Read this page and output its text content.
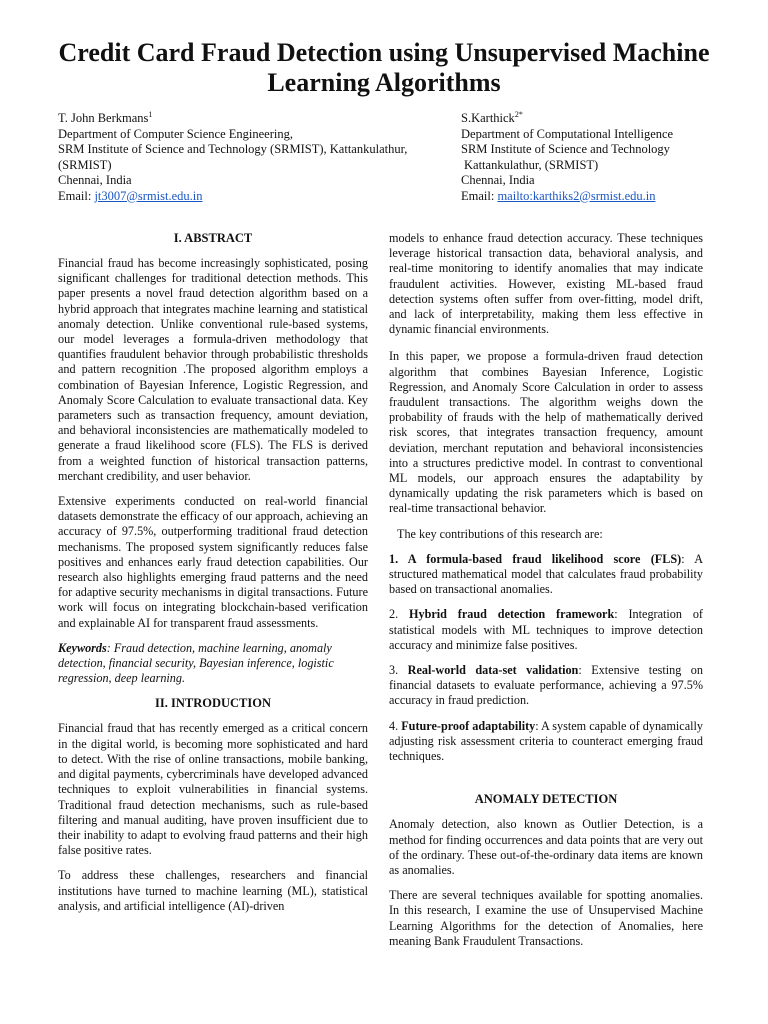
Credit Card Fraud Detection using Unsupervised Machine Learning Algorithms
T. John Berkmans$^1$
Department of Computer Science Engineering,
SRM Institute of Science and Technology (SRMIST), Kattankulathur,
(SRMIST)
Chennai, India
Email: jt3007@srmist.edu.in
S.Karthick$^{2*}$
Department of Computational Intelligence
SRM Institute of Science and Technology
Kattankulathur, (SRMIST)
Chennai, India
Email: mailto:karthiks2@srmist.edu.in
I. ABSTRACT

Financial fraud has become increasingly sophisticated, posing significant challenges for traditional detection methods. This paper presents a novel fraud detection algorithm based on a hybrid approach that integrates machine learning and statistical anomaly detection. Unlike conventional rule-based systems, our model leverages a formula-driven methodology that quantifies fraudulent behavior through probabilistic thresholds and pattern recognition .The proposed algorithm employs a combination of Bayesian Inference, Logistic Regression, and Anomaly Score Calculation to evaluate transactional data. Key parameters such as transaction frequency, amount deviation, and behavioral inconsistencies are mathematically modeled to generate a fraud likelihood score (FLS). The FLS is derived from a weighted function of historical transaction patterns, merchant credibility, and user behavior.

Extensive experiments conducted on real-world financial datasets demonstrate the efficacy of our approach, achieving an accuracy of 97.5%, outperforming traditional fraud detection mechanisms. The proposed system significantly reduces false positives and enhances early fraud detection capabilities. Our research also highlights emerging fraud patterns and the need for adaptive security mechanisms in digital transactions. Future work will focus on integrating blockchain-based verification and explainable AI for transparent fraud assessments.

Keywords: Fraud detection, machine learning, anomaly detection, financial security, Bayesian inference, logistic regression, deep learning.

II. INTRODUCTION

Financial fraud that has recently emerged as a critical concern in the digital world, is becoming more sophisticated and hard to detect. With the rise of online transactions, mobile banking, and digital payments, cybercriminals have developed advanced techniques to exploit vulnerabilities in financial systems. Traditional fraud detection mechanisms, such as rule-based filtering and manual auditing, have proven insufficient due to their inability to adapt to evolving fraud patterns and their high false positive rates.

To address these challenges, researchers and financial institutions have turned to machine learning (ML), statistical analysis, and artificial intelligence (AI)-driven

models to enhance fraud detection accuracy. These techniques leverage historical transaction data, behavioral analysis, and real-time monitoring to identify anomalies that may indicate fraudulent activities. However, existing ML-based fraud detection systems often suffer from over-fitting, model drift, and lack of interpretability, making them less effective in dynamic financial environments.

In this paper, we propose a formula-driven fraud detection algorithm that combines Bayesian Inference, Logistic Regression, and Anomaly Score Calculation in order to assess fraudulent transactions. The algorithm weighs down the probability of frauds with the help of mathematically derived risk scores, that integrates transaction frequency, amount deviation, merchant reputation and behavioral inconsistencies into a structures predictive model. In contrast to conventional ML models, our approach ensures the adaptability by dynamically updating the risk parameters which is based on real-time transactional behavior.

The key contributions of this research are:

1. A formula-based fraud likelihood score (FLS): A structured mathematical model that calculates fraud probability based on transactional anomalies.

2. Hybrid fraud detection framework: Integration of statistical models with ML techniques to improve detection accuracy and minimize false positives.

3. Real-world data-set validation: Extensive testing on financial datasets to evaluate performance, achieving a 97.5% accuracy in fraud prediction.

4. Future-proof adaptability: A system capable of dynamically adjusting risk assessment criteria to counteract emerging fraud techniques.

ANOMALY DETECTION

Anomaly detection, also known as Outlier Detection, is a method for finding occurrences and data points that are very out of the ordinary. These out-of-the-ordinary data items are known as anomalies.

There are several techniques available for spotting anomalies. In this research, I examine the use of Unsupervised Machine Learning Algorithms for the detection of Anomalies, here meaning Bank Fraudulent Transactions.
